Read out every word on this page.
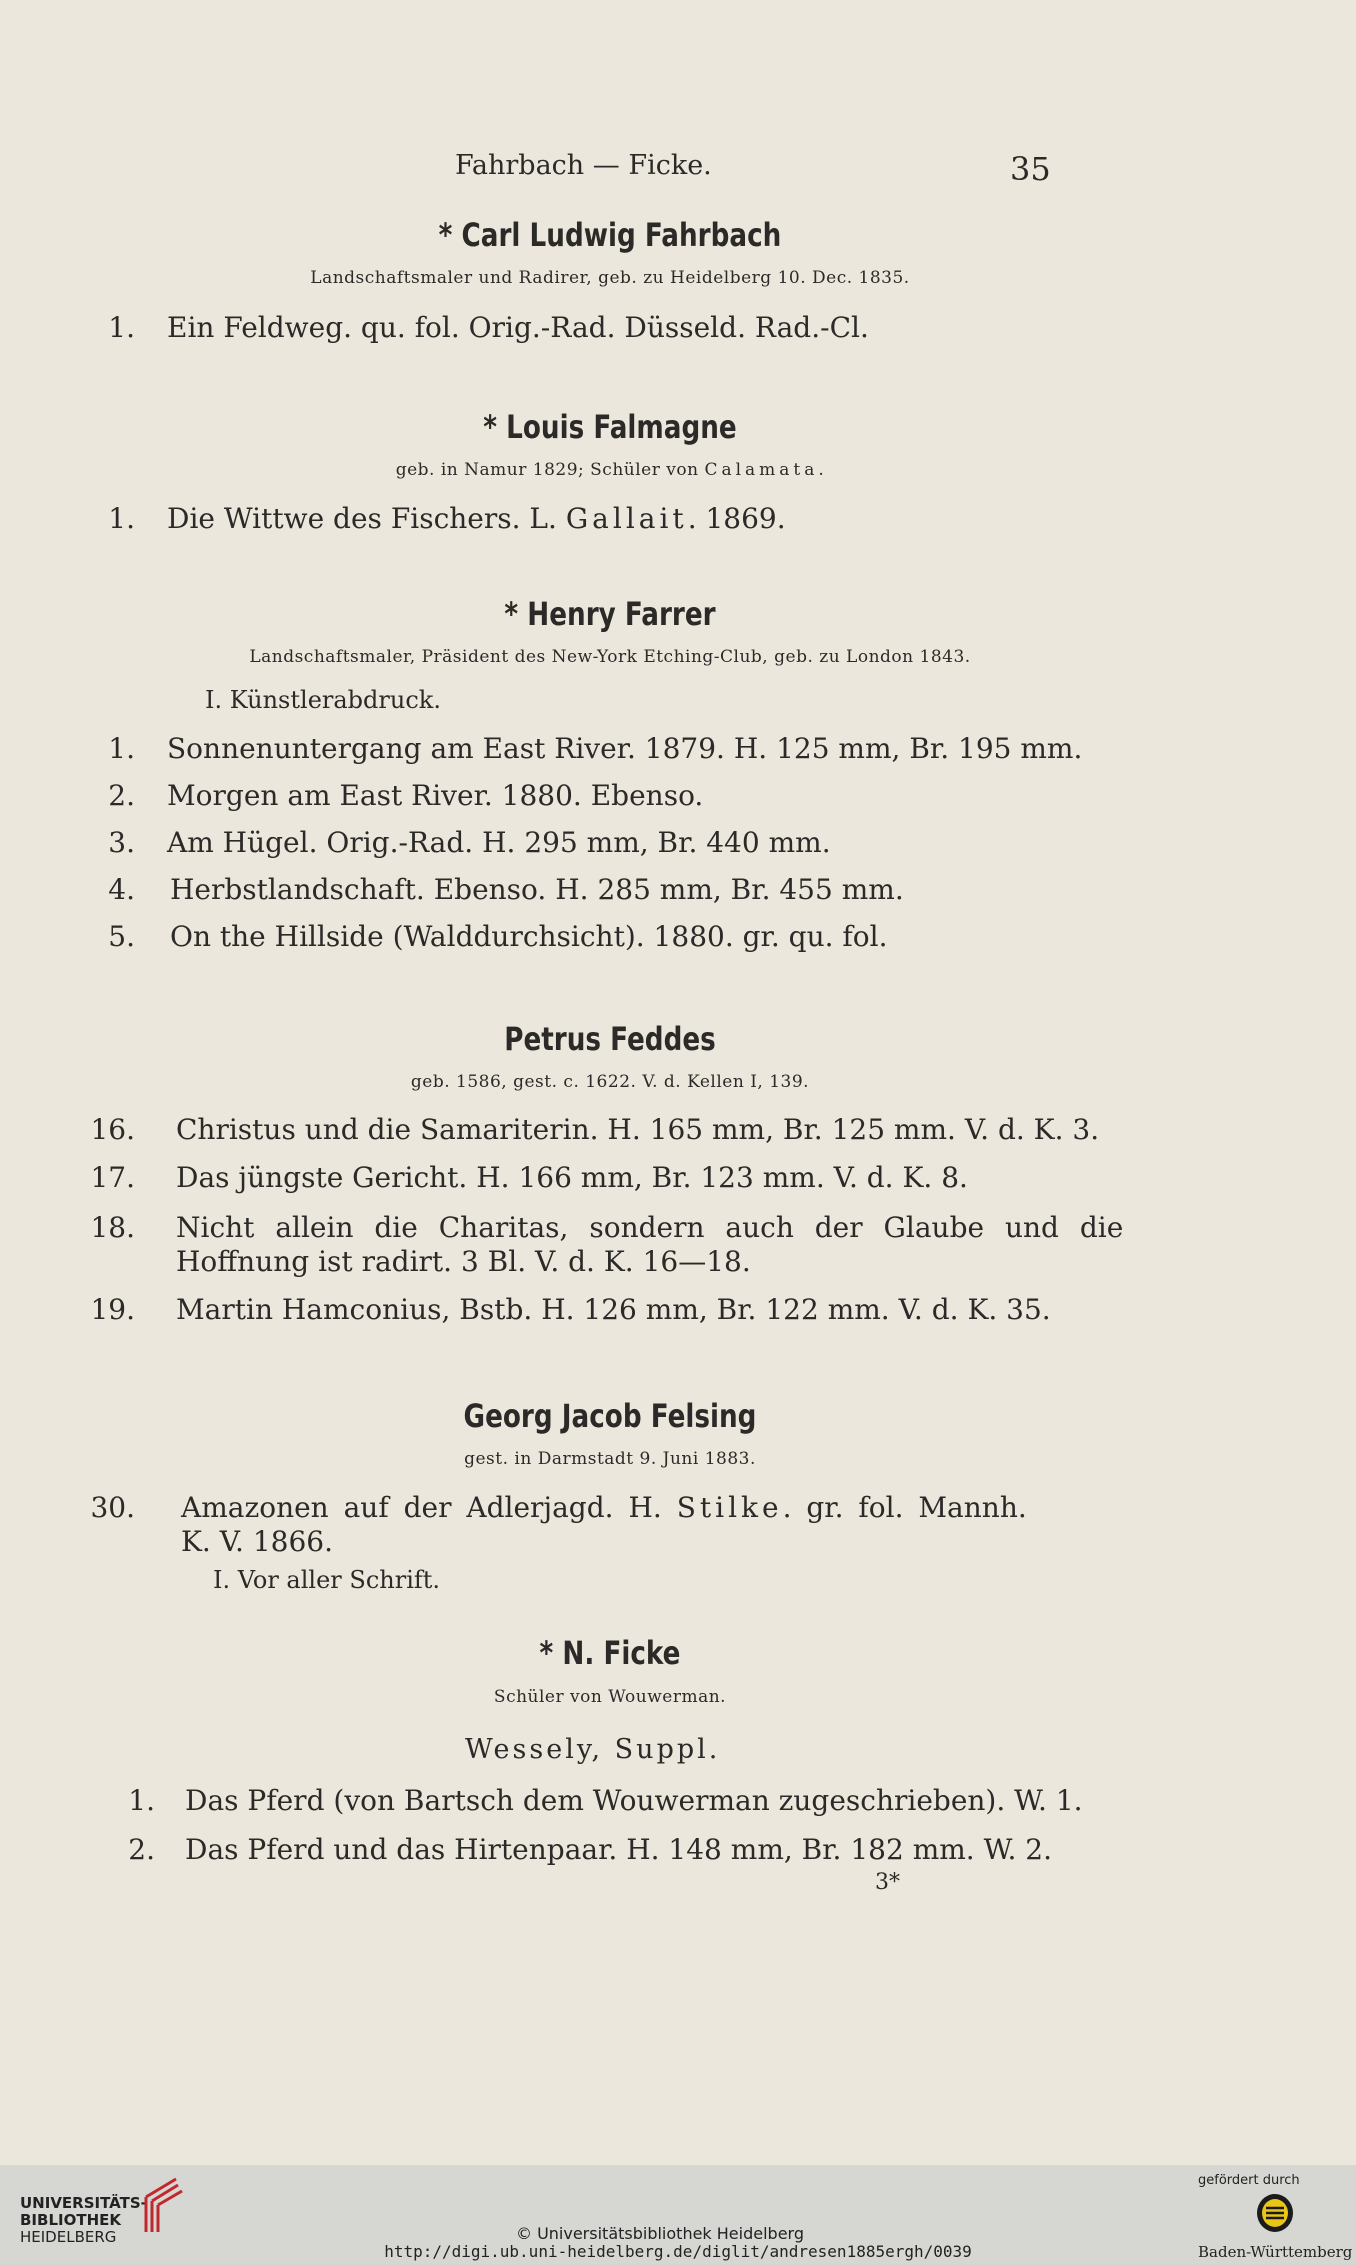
Fahrbach — Ficke.	35
* Carl Ludwig Fahrbach
Landschaftsmaler und Radirer, geb. zu Heidelberg 10. Dec. 1835.
1. Ein Feldweg. qu. fol. Orig.-Rad. Düsseld. Rad.-Cl.
* Louis Falmagne
geb. in Namur 1829; Schüler von Calamata.
1. Die Wittwe des Fischers. L. Gallait. 1869.
* Henry Farrer
Landschaftsmaler, Präsident des New-York Etching-Club, geb. zu London 1843.
I. Künstlerabdruck.
1. Sonnenuntergang am East River. 1879. H. 125 mm, Br. 195 mm.
2. Morgen am East River. 1880. Ebenso.
3. Am Hügel. Orig.-Rad. H. 295 mm, Br. 440 mm.
4. Herbstlandschaft. Ebenso. H. 285 mm, Br. 455 mm.
5. On the Hillside (Walddurchsicht). 1880. gr. qu. fol.
Petrus Feddes
geb. 1586, gest. c. 1622. V. d. Kellen I, 139.
16. Christus und die Samariterin. H. 165 mm, Br. 125 mm. V. d. K. 3.
17. Das jüngste Gericht. H. 166 mm, Br. 123 mm. V. d. K. 8.
18. Nicht allein die Charitas, sondern auch der Glaube und die
Hoffnung ist radirt. 3 Bl. V. d. K. 16—18.
19. Martin Hamconius, Bstb. H. 126 mm, Br. 122 mm. V. d. K. 35.
Georg Jacob Felsing
gest. in Darmstadt 9. Juni 1883.
30. Amazonen auf der Adlerjagd. H. Stilke. gr. fol. Mannh.
K. V. 1866.
I. Vor aller Schrift.
* N. Ficke
Schüler von Wouwerman.
Wessely, Suppl.
1. Das Pferd (von Bartsch dem Wouwerman zugeschrieben). W. 1.
2. Das Pferd und das Hirtenpaar. H. 148 mm, Br. 182 mm. W. 2.
3*
UNIVERSITÄTS-
BIBLIOTHEK
HEIDELBERG	© Universitätsbibliothek Heidelberg
http://digi.ub.uni-heidelberg.de/diglit/andresen1885ergh/0039
gefördert durch
Baden-Württemberg
